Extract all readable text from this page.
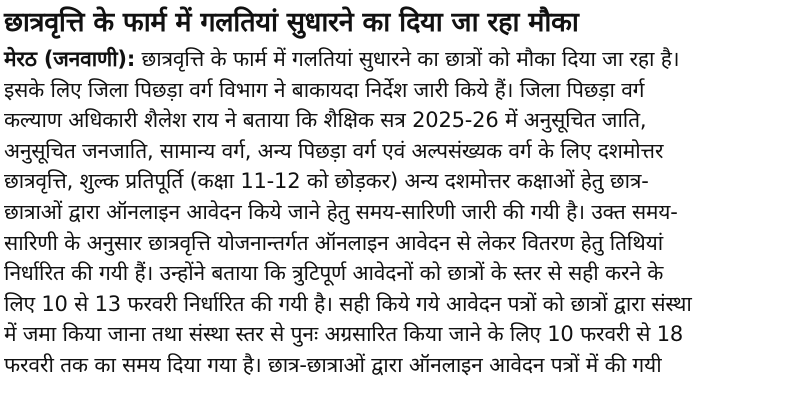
छात्रवृत्ति के फार्म में गलतियां सुधारने का दिया जा रहा मौका
मेरठ (जनवाणी): छात्रवृत्ति के फार्म में गलतियां सुधारने का छात्रों को मौका दिया जा रहा है।
इसके लिए जिला पिछड़ा वर्ग विभाग ने बाकायदा निर्देश जारी किये हैं। जिला पिछड़ा वर्ग
कल्याण अधिकारी शैलेश राय ने बताया कि शैक्षिक सत्र 2025-26 में अनुसूचित जाति,
अनुसूचित जनजाति, सामान्य वर्ग, अन्य पिछड़ा वर्ग एवं अल्पसंख्यक वर्ग के लिए दशमोत्तर
छात्रवृत्ति, शुल्क प्रतिपूर्ति (कक्षा 11-12 को छोड़कर) अन्य दशमोत्तर कक्षाओं हेतु छात्र-
छात्राओं द्वारा ऑनलाइन आवेदन किये जाने हेतु समय-सारिणी जारी की गयी है। उक्त समय-
सारिणी के अनुसार छात्रवृत्ति योजनान्तर्गत ऑनलाइन आवेदन से लेकर वितरण हेतु तिथियां
निर्धारित की गयी हैं। उन्होंने बताया कि त्रुटिपूर्ण आवेदनों को छात्रों के स्तर से सही करने के
लिए 10 से 13 फरवरी निर्धारित की गयी है। सही किये गये आवेदन पत्रों को छात्रों द्वारा संस्था
में जमा किया जाना तथा संस्था स्तर से पुनः अग्रसारित किया जाने के लिए 10 फरवरी से 18
फरवरी तक का समय दिया गया है। छात्र-छात्राओं द्वारा ऑनलाइन आवेदन पत्रों में की गयी
